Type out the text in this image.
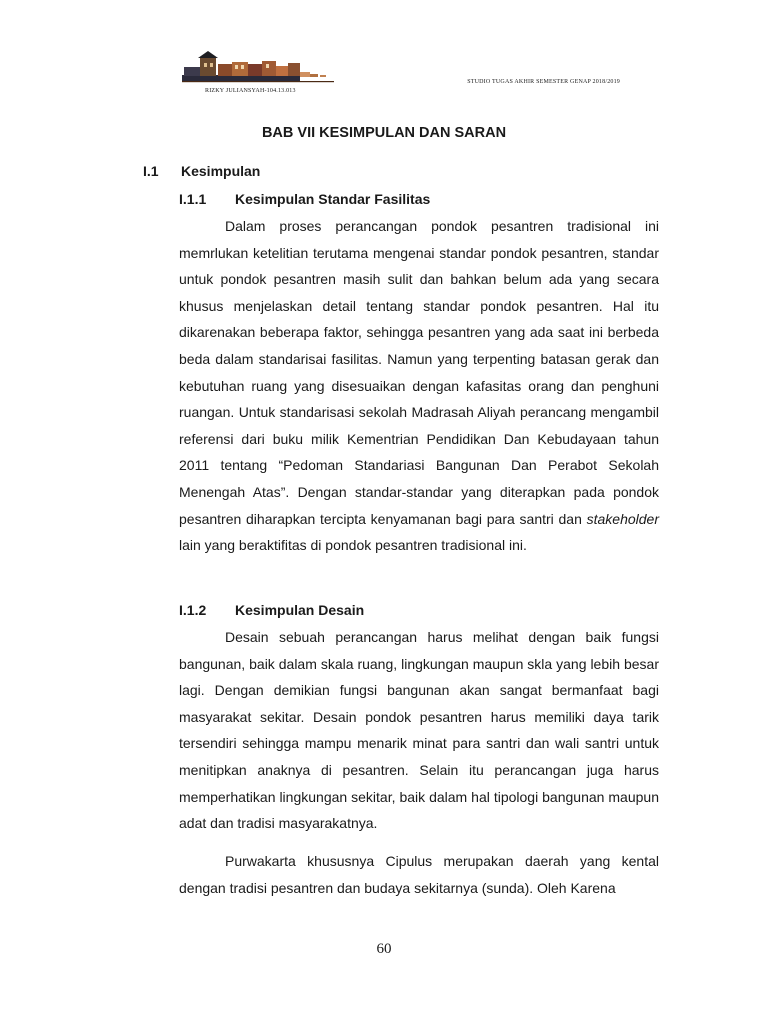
RIZKY JULIANSYAH-104.13.013
STUDIO TUGAS AKHIR SEMESTER GENAP 2018/2019
BAB VII KESIMPULAN DAN SARAN
I.1 Kesimpulan
I.1.1 Kesimpulan Standar Fasilitas

Dalam proses perancangan pondok pesantren tradisional ini memrlukan ketelitian terutama mengenai standar pondok pesantren, standar untuk pondok pesantren masih sulit dan bahkan belum ada yang secara khusus menjelaskan detail tentang standar pondok pesantren. Hal itu dikarenakan beberapa faktor, sehingga pesantren yang ada saat ini berbeda beda dalam standarisai fasilitas. Namun yang terpenting batasan gerak dan kebutuhan ruang yang disesuaikan dengan kafasitas orang dan penghuni ruangan. Untuk standarisasi sekolah Madrasah Aliyah perancang mengambil referensi dari buku milik Kementrian Pendidikan Dan Kebudayaan tahun 2011 tentang “Pedoman Standariasi Bangunan Dan Perabot Sekolah Menengah Atas”. Dengan standar-standar yang diterapkan pada pondok pesantren diharapkan tercipta kenyamanan bagi para santri dan stakeholder lain yang beraktifitas di pondok pesantren tradisional ini.

I.1.2 Kesimpulan Desain

Desain sebuah perancangan harus melihat dengan baik fungsi bangunan, baik dalam skala ruang, lingkungan maupun skla yang lebih besar lagi. Dengan demikian fungsi bangunan akan sangat bermanfaat bagi masyarakat sekitar. Desain pondok pesantren harus memiliki daya tarik tersendiri sehingga mampu menarik minat para santri dan wali santri untuk menitipkan anaknya di pesantren. Selain itu perancangan juga harus memperhatikan lingkungan sekitar, baik dalam hal tipologi bangunan maupun adat dan tradisi masyarakatnya.

Purwakarta khususnya Cipulus merupakan daerah yang kental dengan tradisi pesantren dan budaya sekitarnya (sunda). Oleh Karena

60
